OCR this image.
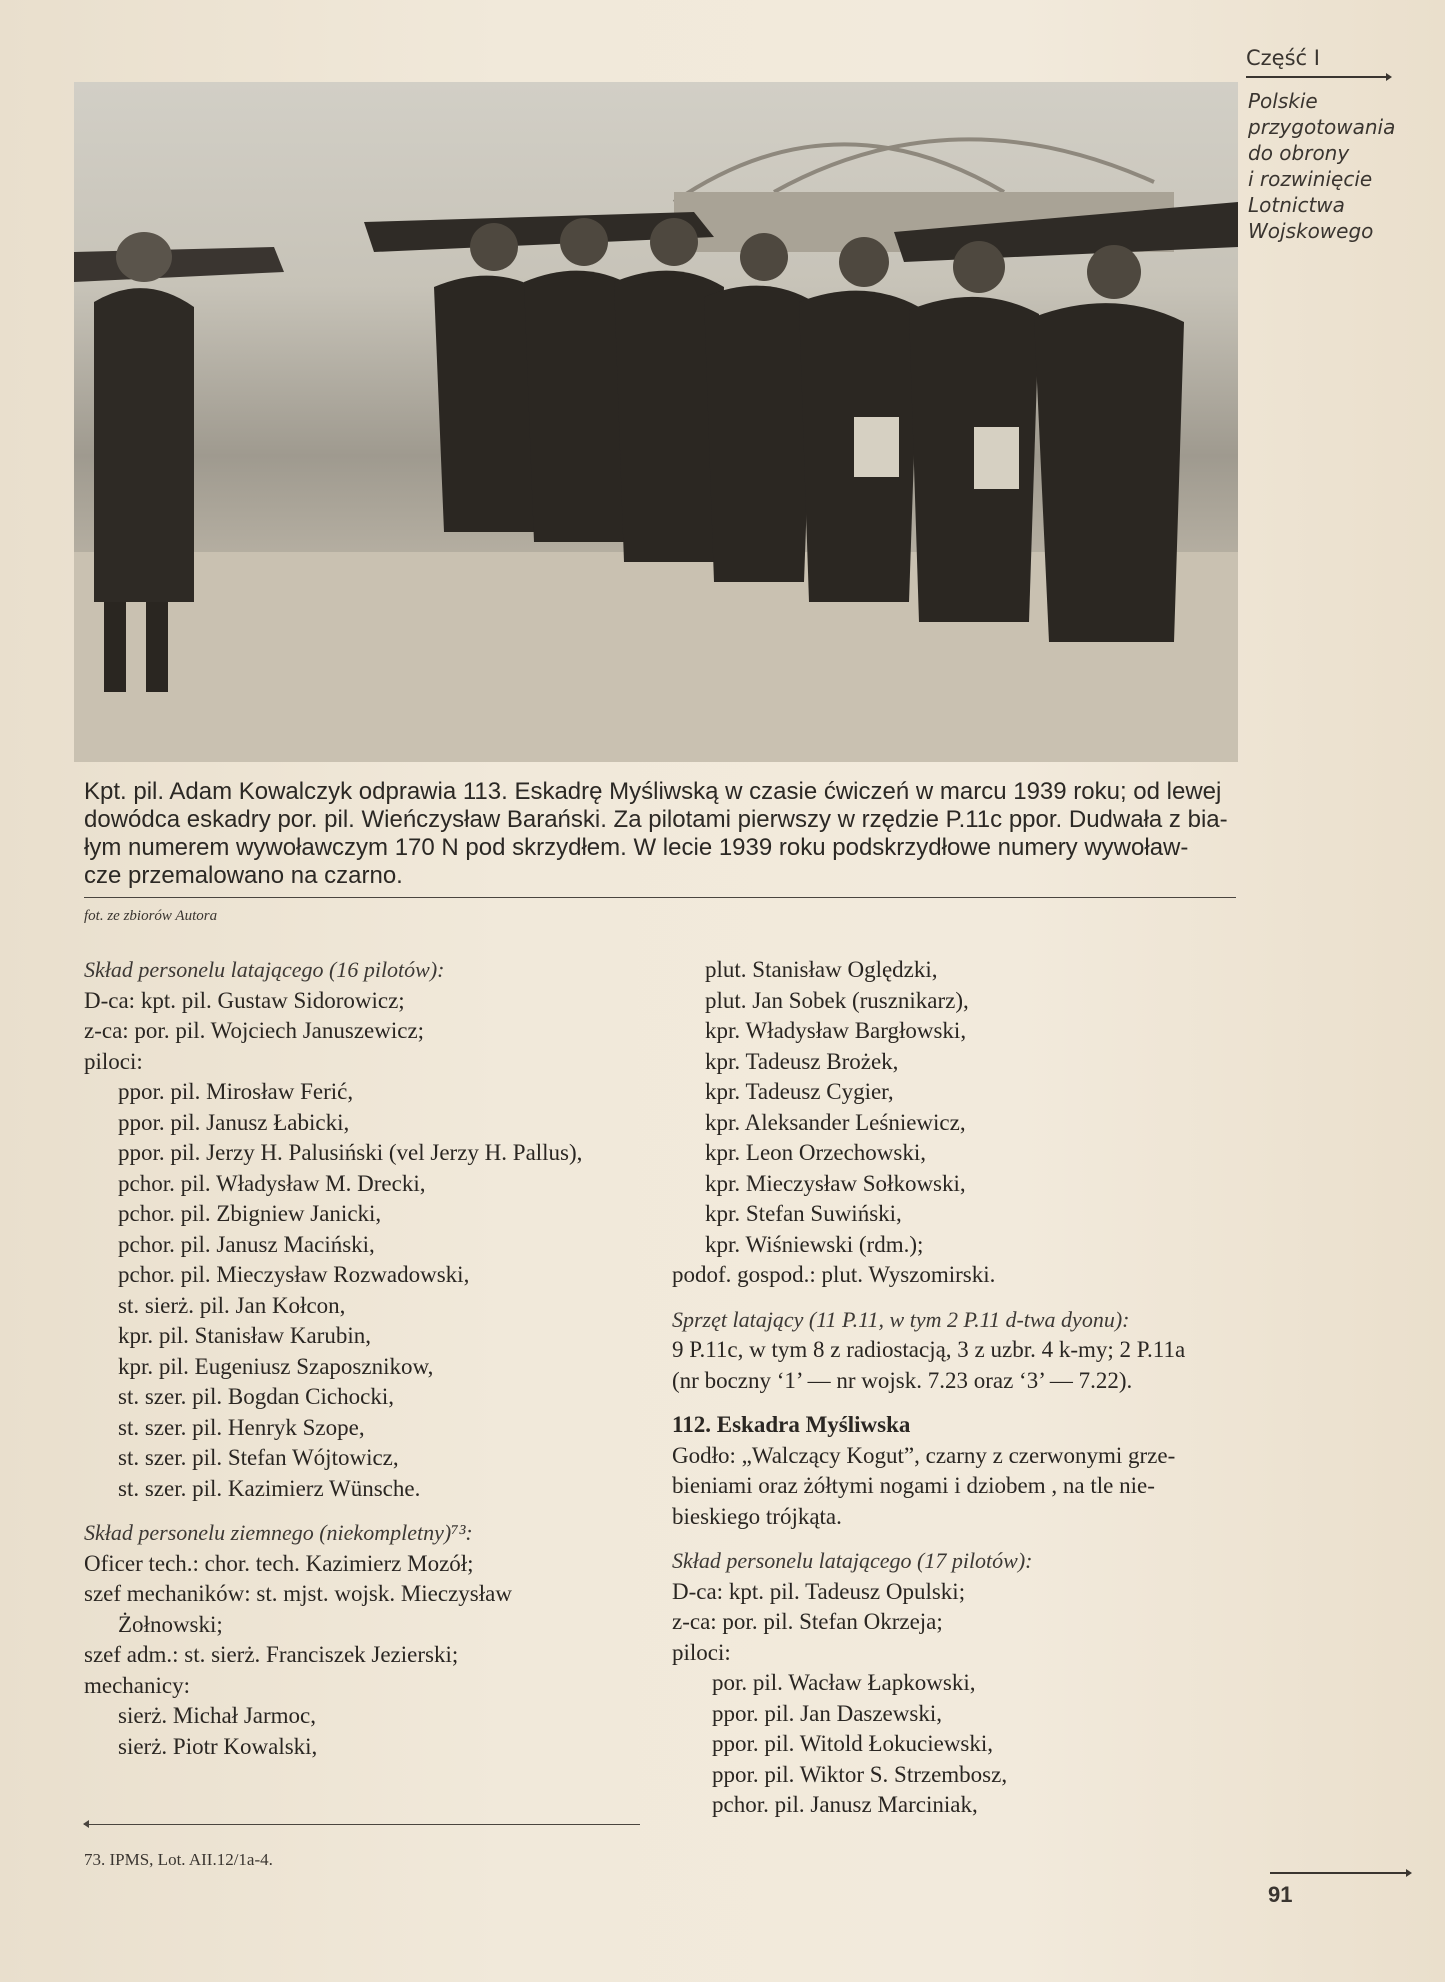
Część I
Polskie
przygotowania
do obrony
i rozwinięcie
Lotnictwa
Wojskowego
Kpt. pil. Adam Kowalczyk odprawia 113. Eskadrę Myśliwską w czasie ćwiczeń w marcu 1939 roku; od lewej
dowódca eskadry por. pil. Wieńczysław Barański. Za pilotami pierwszy w rzędzie P.11c ppor. Dudwała z bia-
łym numerem wywoławczym 170 N pod skrzydłem. W lecie 1939 roku podskrzydłowe numery wywoław-
cze przemalowano na czarno.
fot. ze zbiorów Autora
Skład personelu latającego (16 pilotów):
D-ca: kpt. pil. Gustaw Sidorowicz;
z-ca: por. pil. Wojciech Januszewicz;
piloci:
ppor. pil. Mirosław Ferić,
ppor. pil. Janusz Łabicki,
ppor. pil. Jerzy H. Palusiński (vel Jerzy H. Pallus),
pchor. pil. Władysław M. Drecki,
pchor. pil. Zbigniew Janicki,
pchor. pil. Janusz Maciński,
pchor. pil. Mieczysław Rozwadowski,
st. sierż. pil. Jan Kołcon,
kpr. pil. Stanisław Karubin,
kpr. pil. Eugeniusz Szaposznikow,
st. szer. pil. Bogdan Cichocki,
st. szer. pil. Henryk Szope,
st. szer. pil. Stefan Wójtowicz,
st. szer. pil. Kazimierz Wünsche.
Skład personelu ziemnego (niekompletny)⁷³:
Oficer tech.: chor. tech. Kazimierz Mozół;
szef mechaników: st. mjst. wojsk. Mieczysław
Żołnowski;
szef adm.: st. sierż. Franciszek Jezierski;
mechanicy:
sierż. Michał Jarmoc,
sierż. Piotr Kowalski,
plut. Stanisław Oględzki,
plut. Jan Sobek (rusznikarz),
kpr. Władysław Bargłowski,
kpr. Tadeusz Brożek,
kpr. Tadeusz Cygier,
kpr. Aleksander Leśniewicz,
kpr. Leon Orzechowski,
kpr. Mieczysław Sołkowski,
kpr. Stefan Suwiński,
kpr. Wiśniewski (rdm.);
podof. gospod.: plut. Wyszomirski.
Sprzęt latający (11 P.11, w tym 2 P.11 d-twa dyonu):
9 P.11c, w tym 8 z radiostacją, 3 z uzbr. 4 k-my; 2 P.11a
(nr boczny ‘1’ — nr wojsk. 7.23 oraz ‘3’ — 7.22).
112. Eskadra Myśliwska
Godło: „Walczący Kogut”, czarny z czerwonymi grze-
bieniami oraz żółtymi nogami i dziobem , na tle nie-
bieskiego trójkąta.
Skład personelu latającego (17 pilotów):
D-ca: kpt. pil. Tadeusz Opulski;
z-ca: por. pil. Stefan Okrzeja;
piloci:
por. pil. Wacław Łapkowski,
ppor. pil. Jan Daszewski,
ppor. pil. Witold Łokuciewski,
ppor. pil. Wiktor S. Strzembosz,
pchor. pil. Janusz Marciniak,
73. IPMS, Lot. AII.12/1a-4.
91
